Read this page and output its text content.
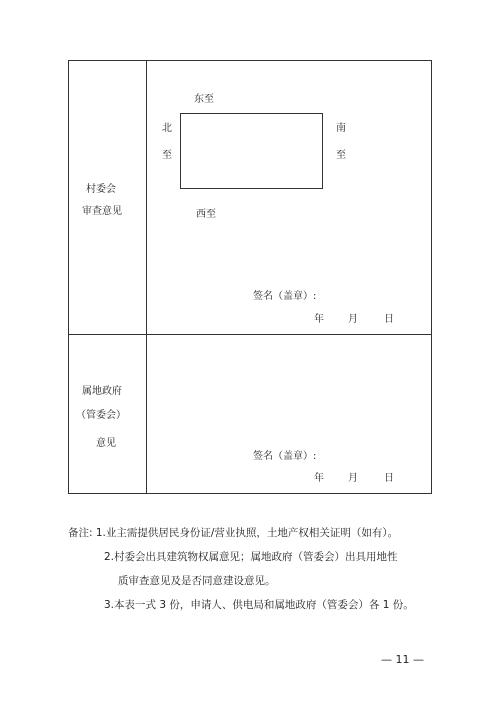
村委会
审查意见
东至
北
至
南
至
西至
签名（盖章）:
年 月	日
属地政府
（管委会）
意见
签名（盖章）:
年 月	日
备注: 1.业主需提供居民身份证/营业执照，土地产权相关证明（如有）。
2.村委会出具建筑物权属意见；属地政府（管委会）出具用地性
质审查意见及是否同意建设意见。
3.本表一式 3 份，申请人、供电局和属地政府（管委会）各 1 份。
— 11 —
